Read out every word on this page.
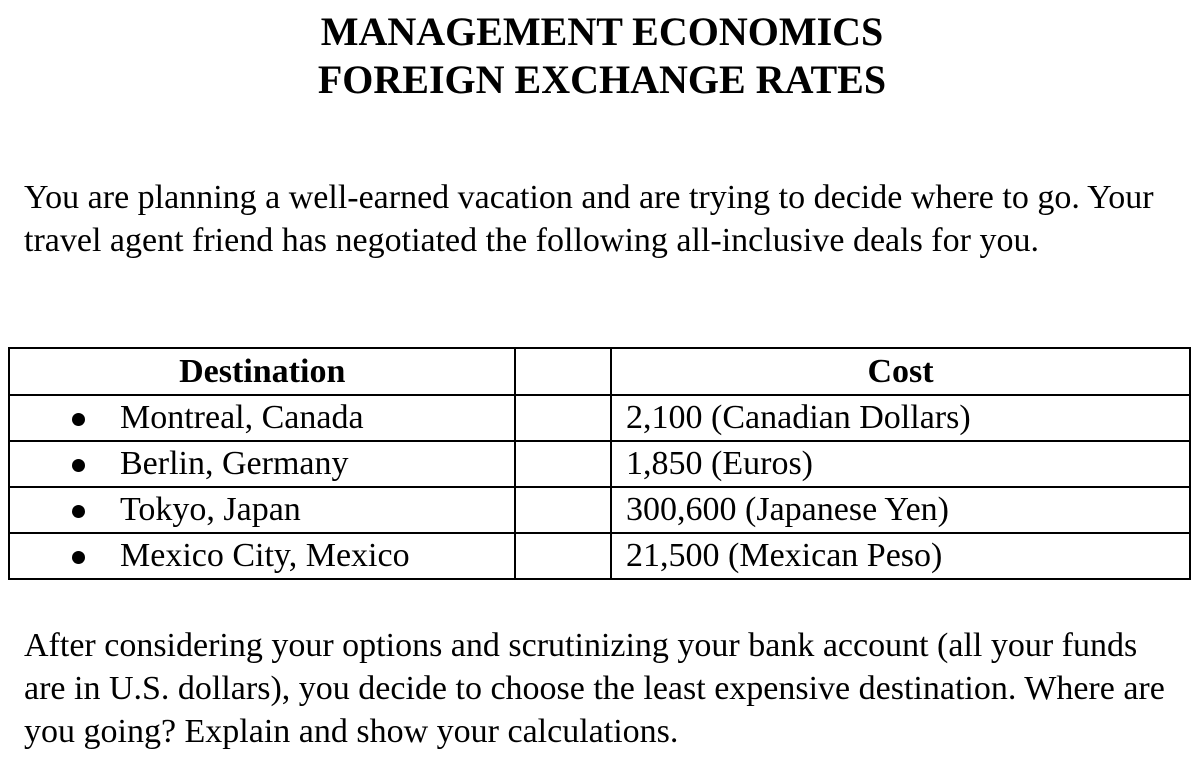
MANAGEMENT ECONOMICS
FOREIGN EXCHANGE RATES

You are planning a well-earned vacation and are trying to decide where to go. Your travel agent friend has negotiated the following all-inclusive deals for you.

Destination		Cost

Montreal, Canada		2,100 (Canadian Dollars)

Berlin, Germany		1,850 (Euros)

Tokyo, Japan		300,600 (Japanese Yen)

Mexico City, Mexico		21,500 (Mexican Peso)

After considering your options and scrutinizing your bank account (all your funds are in U.S. dollars), you decide to choose the least expensive destination. Where are you going? Explain and show your calculations.
